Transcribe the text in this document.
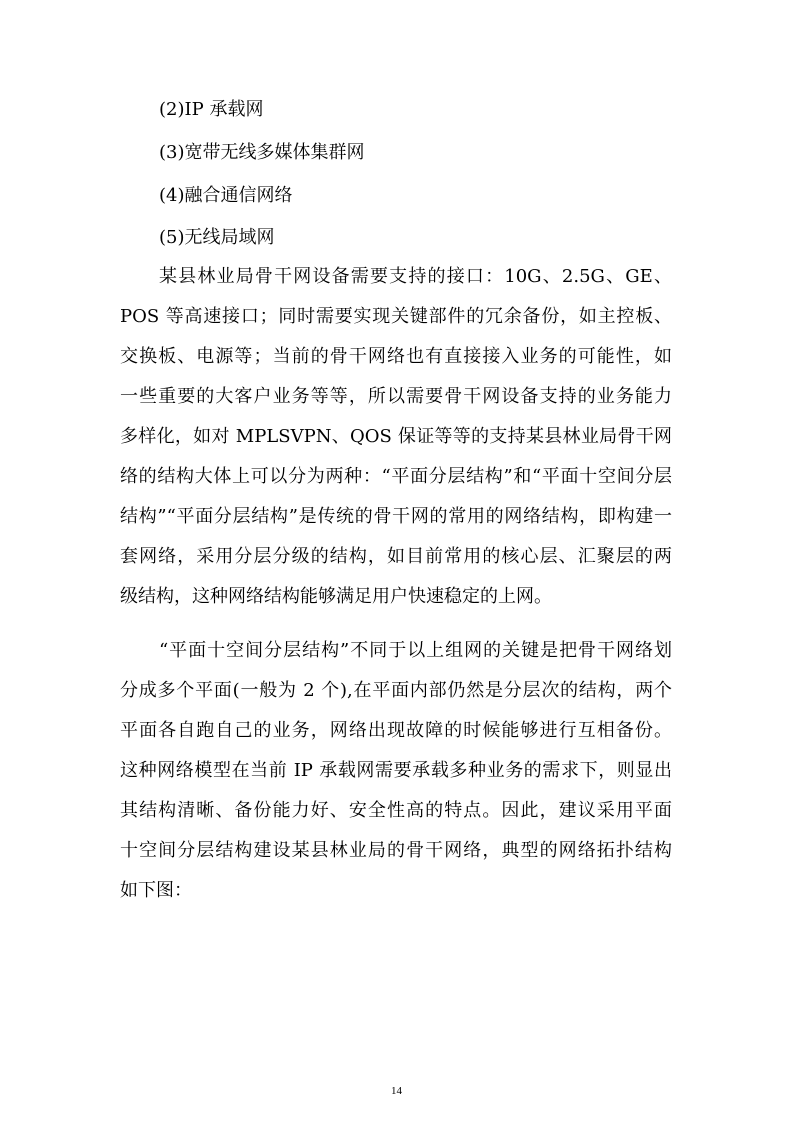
(2)IP 承载网
(3)宽带无线多媒体集群网
(4)融合通信网络
(5)无线局域网
某县林业局骨干网设备需要支持的接口：10G、2.5G、GE、
POS 等高速接口；同时需要实现关键部件的冗余备份，如主控板、
交换板、电源等；当前的骨干网络也有直接接入业务的可能性，如
一些重要的大客户业务等等，所以需要骨干网设备支持的业务能力
多样化，如对 MPLSVPN、QOS 保证等等的支持某县林业局骨干网
络的结构大体上可以分为两种：“平面分层结构”和“平面十空间分层
结构”“平面分层结构”是传统的骨干网的常用的网络结构，即构建一
套网络，采用分层分级的结构，如目前常用的核心层、汇聚层的两
级结构，这种网络结构能够满足用户快速稳定的上网。
“平面十空间分层结构”不同于以上组网的关键是把骨干网络划
分成多个平面(一般为 2 个),在平面内部仍然是分层次的结构，两个
平面各自跑自己的业务，网络出现故障的时候能够进行互相备份。
这种网络模型在当前 IP 承载网需要承载多种业务的需求下，则显出
其结构清晰、备份能力好、安全性高的特点。因此，建议采用平面
十空间分层结构建设某县林业局的骨干网络，典型的网络拓扑结构
如下图：
14
